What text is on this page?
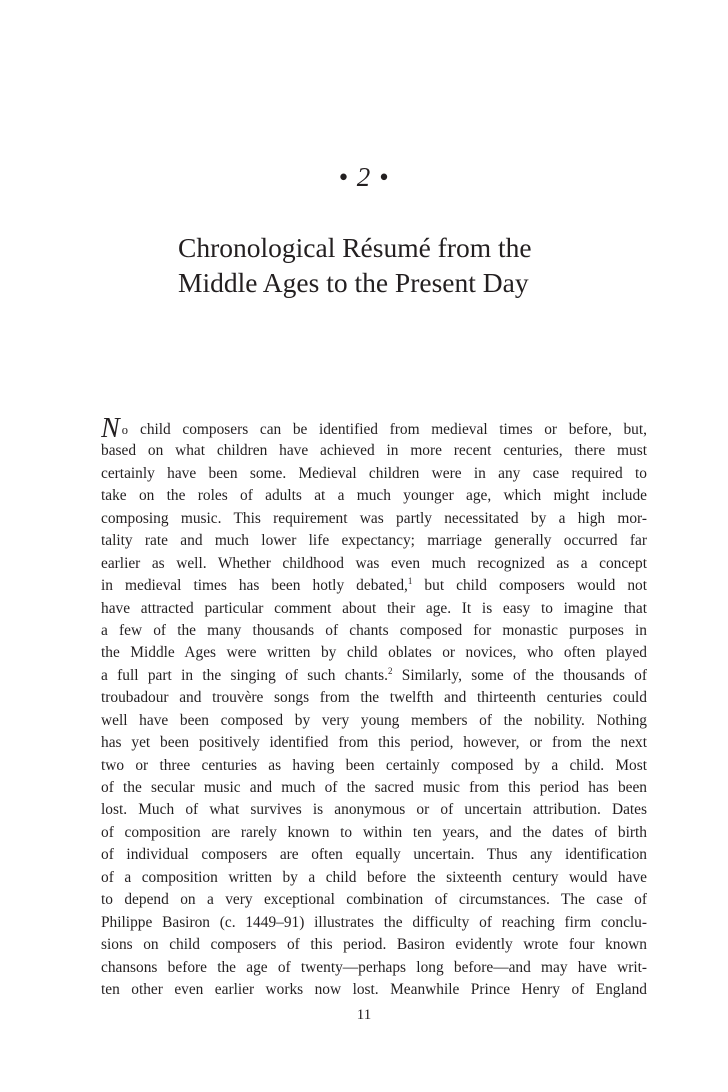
• 2 •
Chronological Résumé from the
Middle Ages to the Present Day
No child composers can be identified from medieval times or before, but,
based on what children have achieved in more recent centuries, there must
certainly have been some. Medieval children were in any case required to
take on the roles of adults at a much younger age, which might include
composing music. This requirement was partly necessitated by a high mor-
tality rate and much lower life expectancy; marriage generally occurred far
earlier as well. Whether childhood was even much recognized as a concept
in medieval times has been hotly debated,$^1$ but child composers would not
have attracted particular comment about their age. It is easy to imagine that
a few of the many thousands of chants composed for monastic purposes in
the Middle Ages were written by child oblates or novices, who often played
a full part in the singing of such chants.$^2$ Similarly, some of the thousands of
troubadour and trouvère songs from the twelfth and thirteenth centuries could
well have been composed by very young members of the nobility. Nothing
has yet been positively identified from this period, however, or from the next
two or three centuries as having been certainly composed by a child. Most
of the secular music and much of the sacred music from this period has been
lost. Much of what survives is anonymous or of uncertain attribution. Dates
of composition are rarely known to within ten years, and the dates of birth
of individual composers are often equally uncertain. Thus any identification
of a composition written by a child before the sixteenth century would have
to depend on a very exceptional combination of circumstances. The case of
Philippe Basiron (c. 1449–91) illustrates the difficulty of reaching firm conclu-
sions on child composers of this period. Basiron evidently wrote four known
chansons before the age of twenty—perhaps long before—and may have writ-
ten other even earlier works now lost. Meanwhile Prince Henry of England
11
